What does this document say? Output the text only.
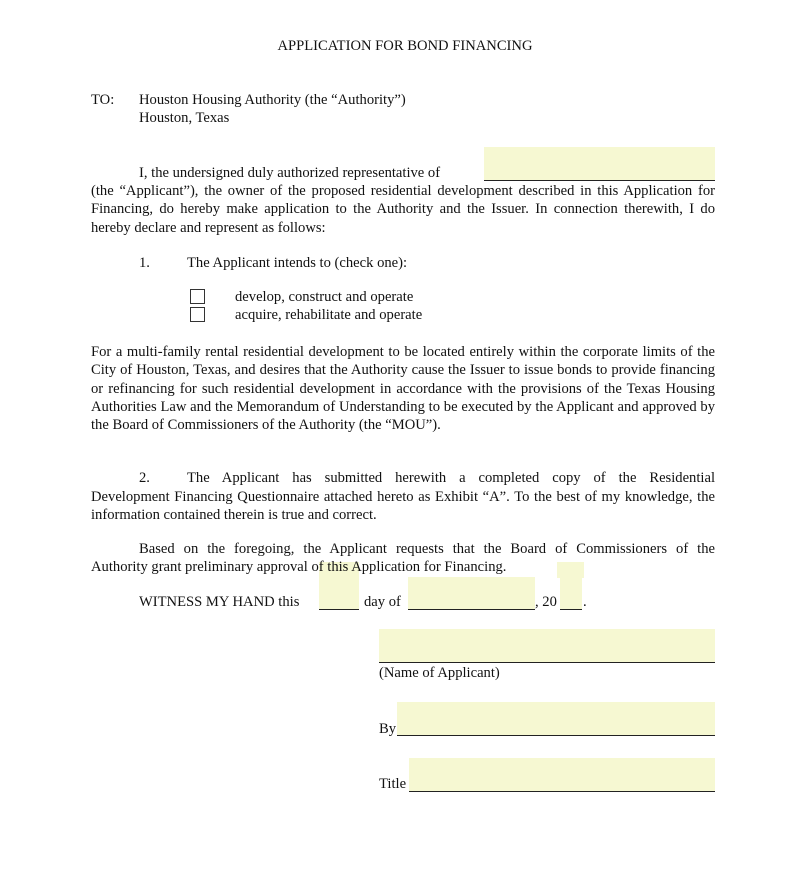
APPLICATION FOR BOND FINANCING
TO: Houston Housing Authority (the “Authority”)
Houston, Texas
I, the undersigned duly authorized representative of
(the “Applicant”), the owner of the proposed residential development described in this Application for Financing, do hereby make application to the Authority and the Issuer. In connection therewith, I do hereby declare and represent as follows:
1.	The Applicant intends to (check one):
develop, construct and operate
acquire, rehabilitate and operate
For a multi-family rental residential development to be located entirely within the corporate limits of the City of Houston, Texas, and desires that the Authority cause the Issuer to issue bonds to provide financing or refinancing for such residential development in accordance with the provisions of the Texas Housing Authorities Law and the Memorandum of Understanding to be executed by the Applicant and approved by the Board of Commissioners of the Authority (the “MOU”).
2.	The Applicant has submitted herewith a completed copy of the Residential
Development Financing Questionnaire attached hereto as Exhibit “A”. To the best of my knowledge, the information contained therein is true and correct.
Based on the foregoing, the Applicant requests that the Board of Commissioners of the
Authority grant preliminary approval of this Application for Financing.
WITNESS MY HAND this	day of	, 20 .
(Name of Applicant)
By
Title
